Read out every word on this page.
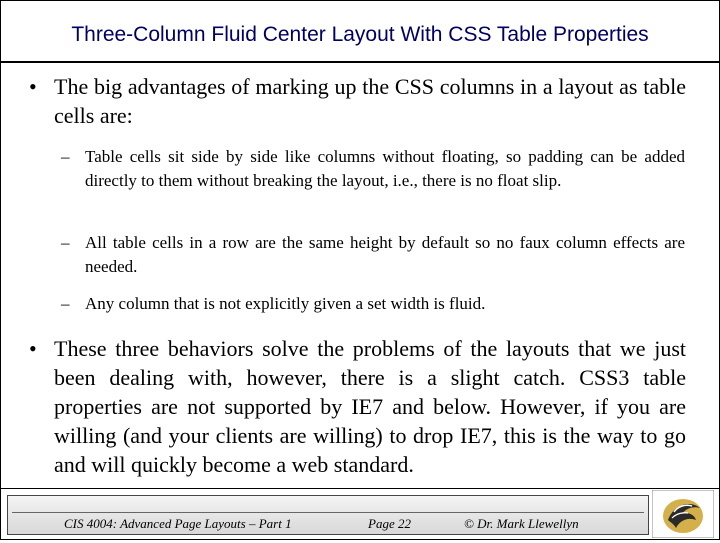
Three-Column Fluid Center Layout With CSS Table Properties
• The big advantages of marking up the CSS columns in a layout as table cells are:
– Table cells sit side by side like columns without floating, so padding can be added directly to them without breaking the layout, i.e., there is no float slip.
– All table cells in a row are the same height by default so no faux column effects are needed.
– Any column that is not explicitly given a set width is fluid.
• These three behaviors solve the problems of the layouts that we just been dealing with, however, there is a slight catch. CSS3 table properties are not supported by IE7 and below. However, if you are willing (and your clients are willing) to drop IE7, this is the way to go and will quickly become a web standard.
CIS 4004: Advanced Page Layouts – Part 1	Page 22	© Dr. Mark Llewellyn
